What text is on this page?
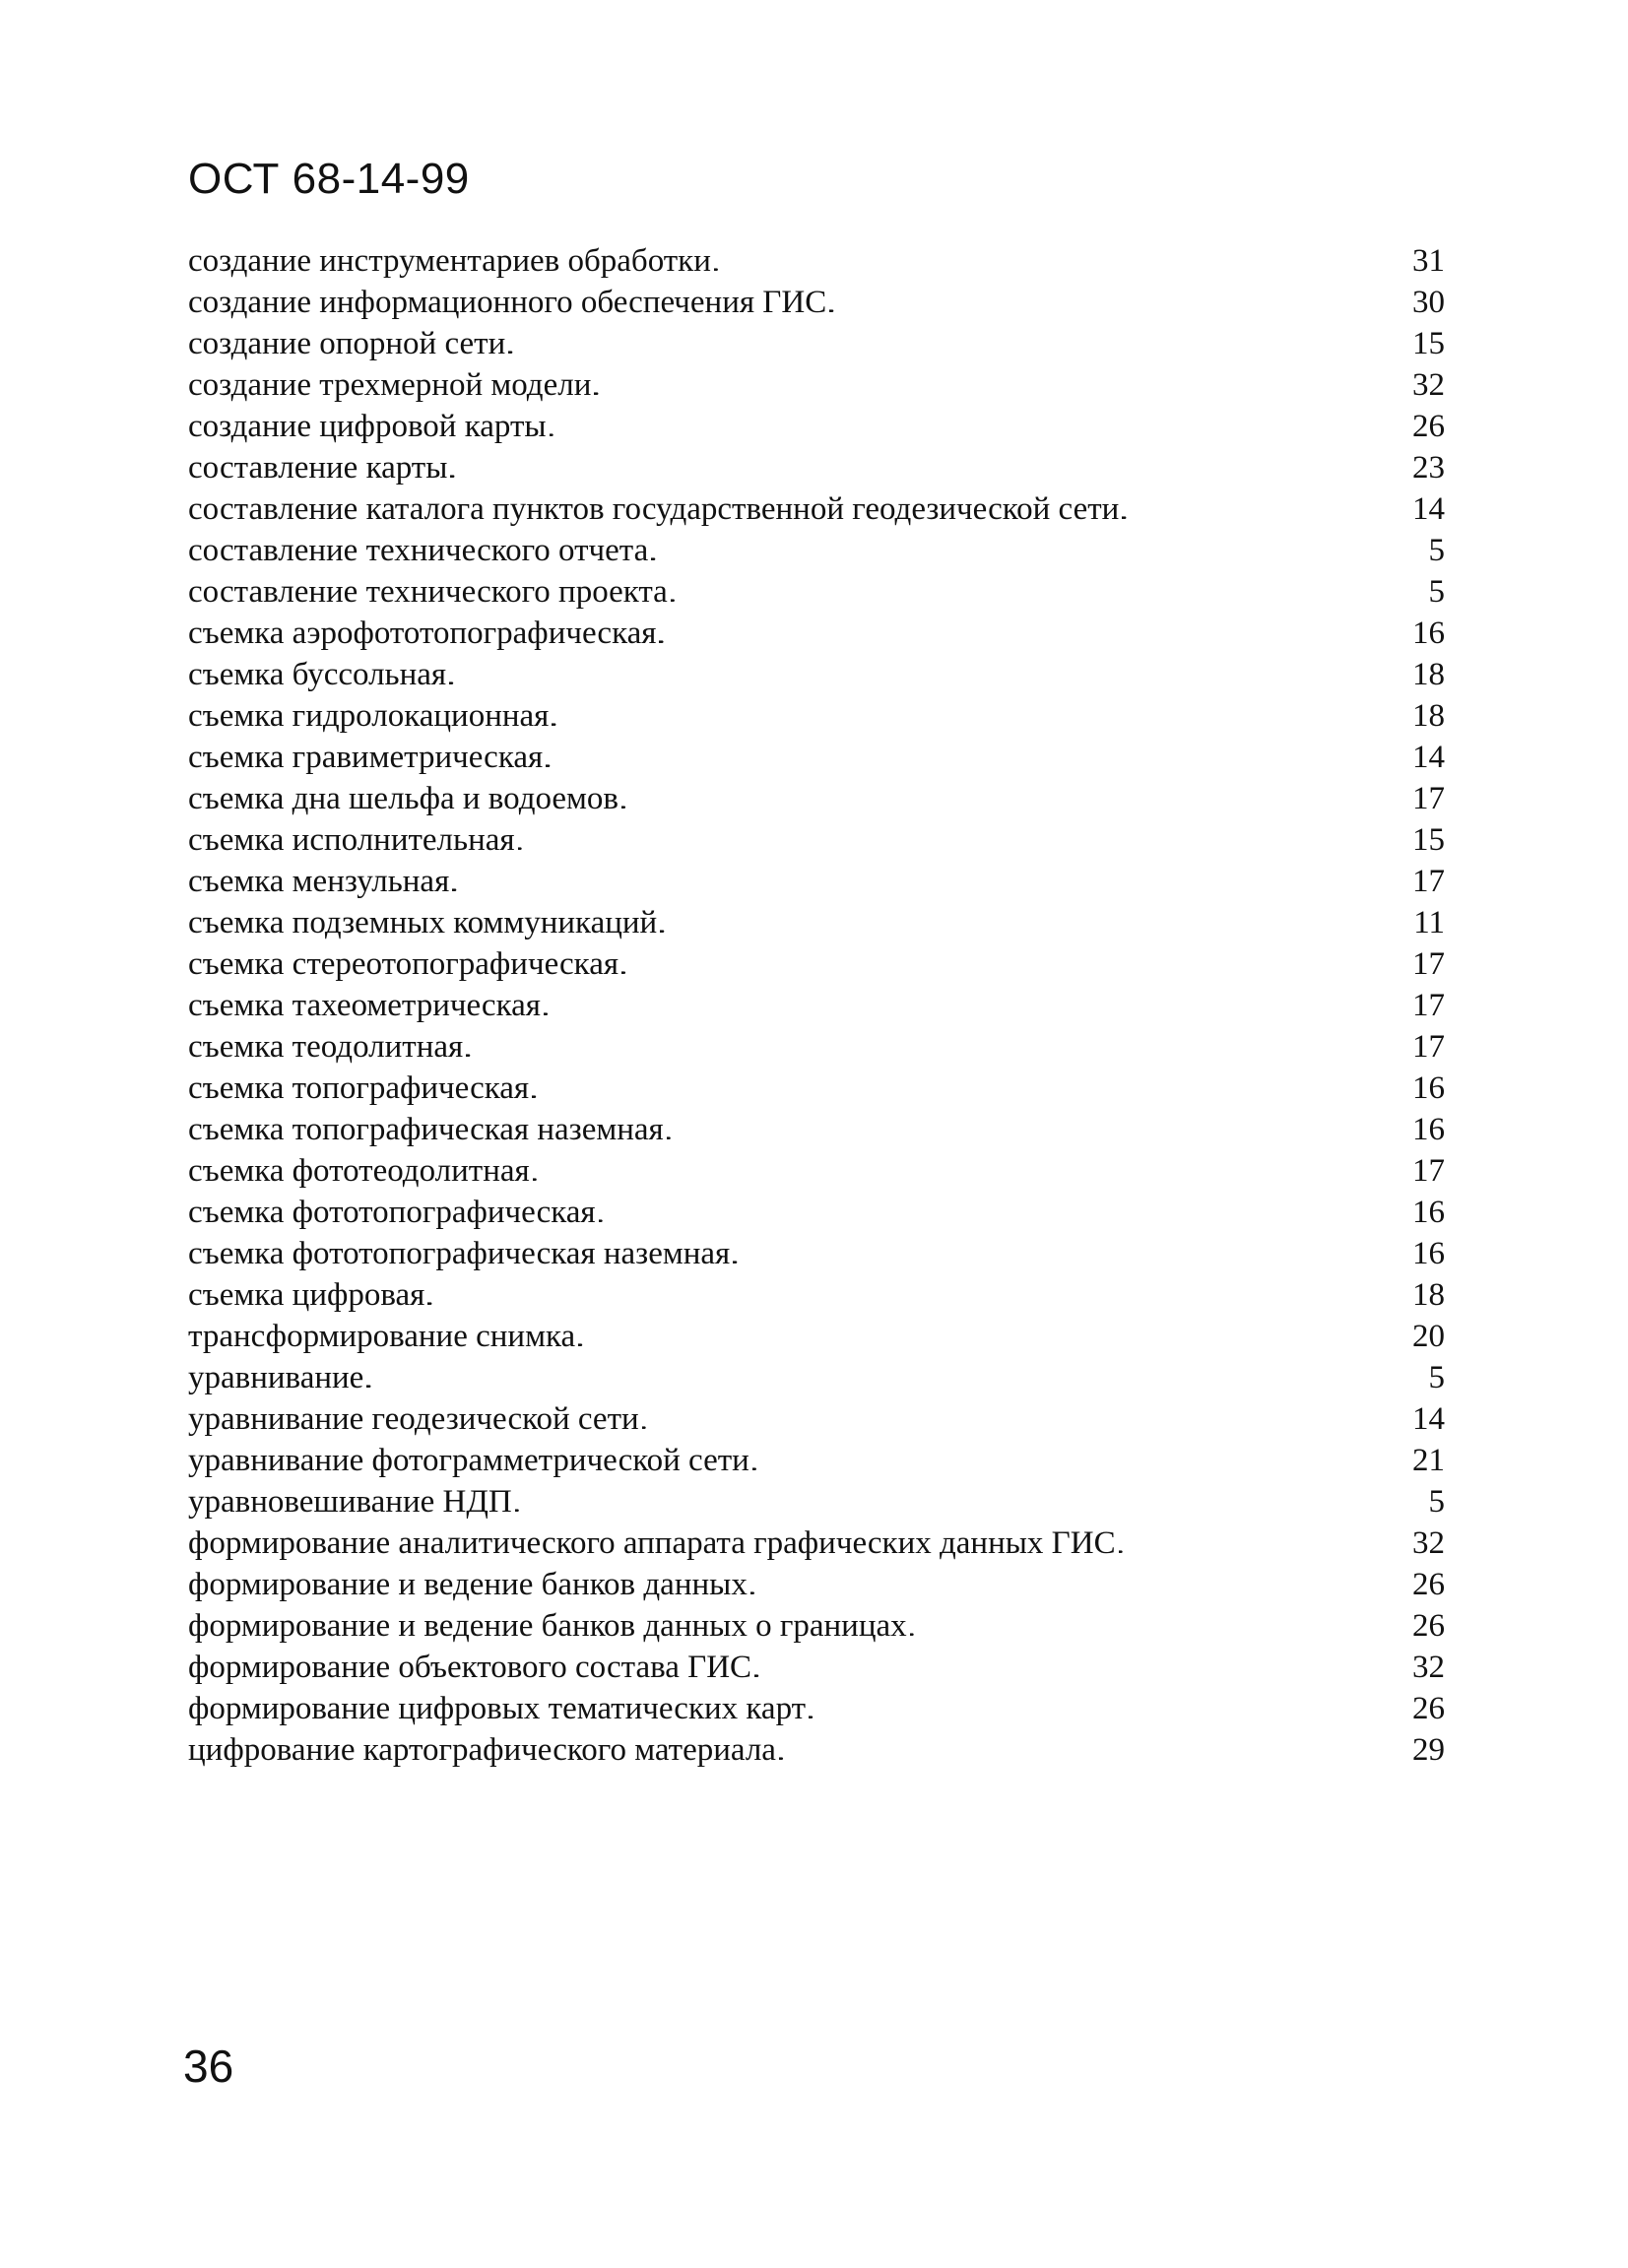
ОСТ 68-14-99
создание инструментариев обработки . . .	31
создание информационного обеспечения ГИС . . .	30
создание опорной сети . . .	15
создание трехмерной модели . . .	32
создание цифровой карты . . .	26
составление карты . . .	23
составление каталога пунктов государственной геодезической сети . . .	14
составление технического отчета . . .	5
составление технического проекта . . .	5
съемка аэрофототопографическая . . .	16
съемка буссольная . . .	18
съемка гидролокационная . . .	18
съемка гравиметрическая . . .	14
съемка дна шельфа и водоемов . . .	17
съемка исполнительная . . .	15
съемка мензульная . . .	17
съемка подземных коммуникаций . . .	11
съемка стереотопографическая . . .	17
съемка тахеометрическая . . .	17
съемка теодолитная . . .	17
съемка топографическая . . .	16
съемка топографическая наземная . . .	16
съемка фототеодолитная . . .	17
съемка фототопографическая . . .	16
съемка фототопографическая наземная . . .	16
съемка цифровая . . .	18
трансформирование снимка . . .	20
уравнивание . . .	5
уравнивание геодезической сети . . .	14
уравнивание фотограмметрической сети . . .	21
уравновешивание НДП . . .	5
формирование аналитического аппарата графических данных ГИС . . .	32
формирование и ведение банков данных . . .	26
формирование и ведение банков данных о границах . . .	26
формирование объектового состава ГИС . . .	32
формирование цифровых тематических карт . . .	26
цифрование картографического материала . . .	29
36
